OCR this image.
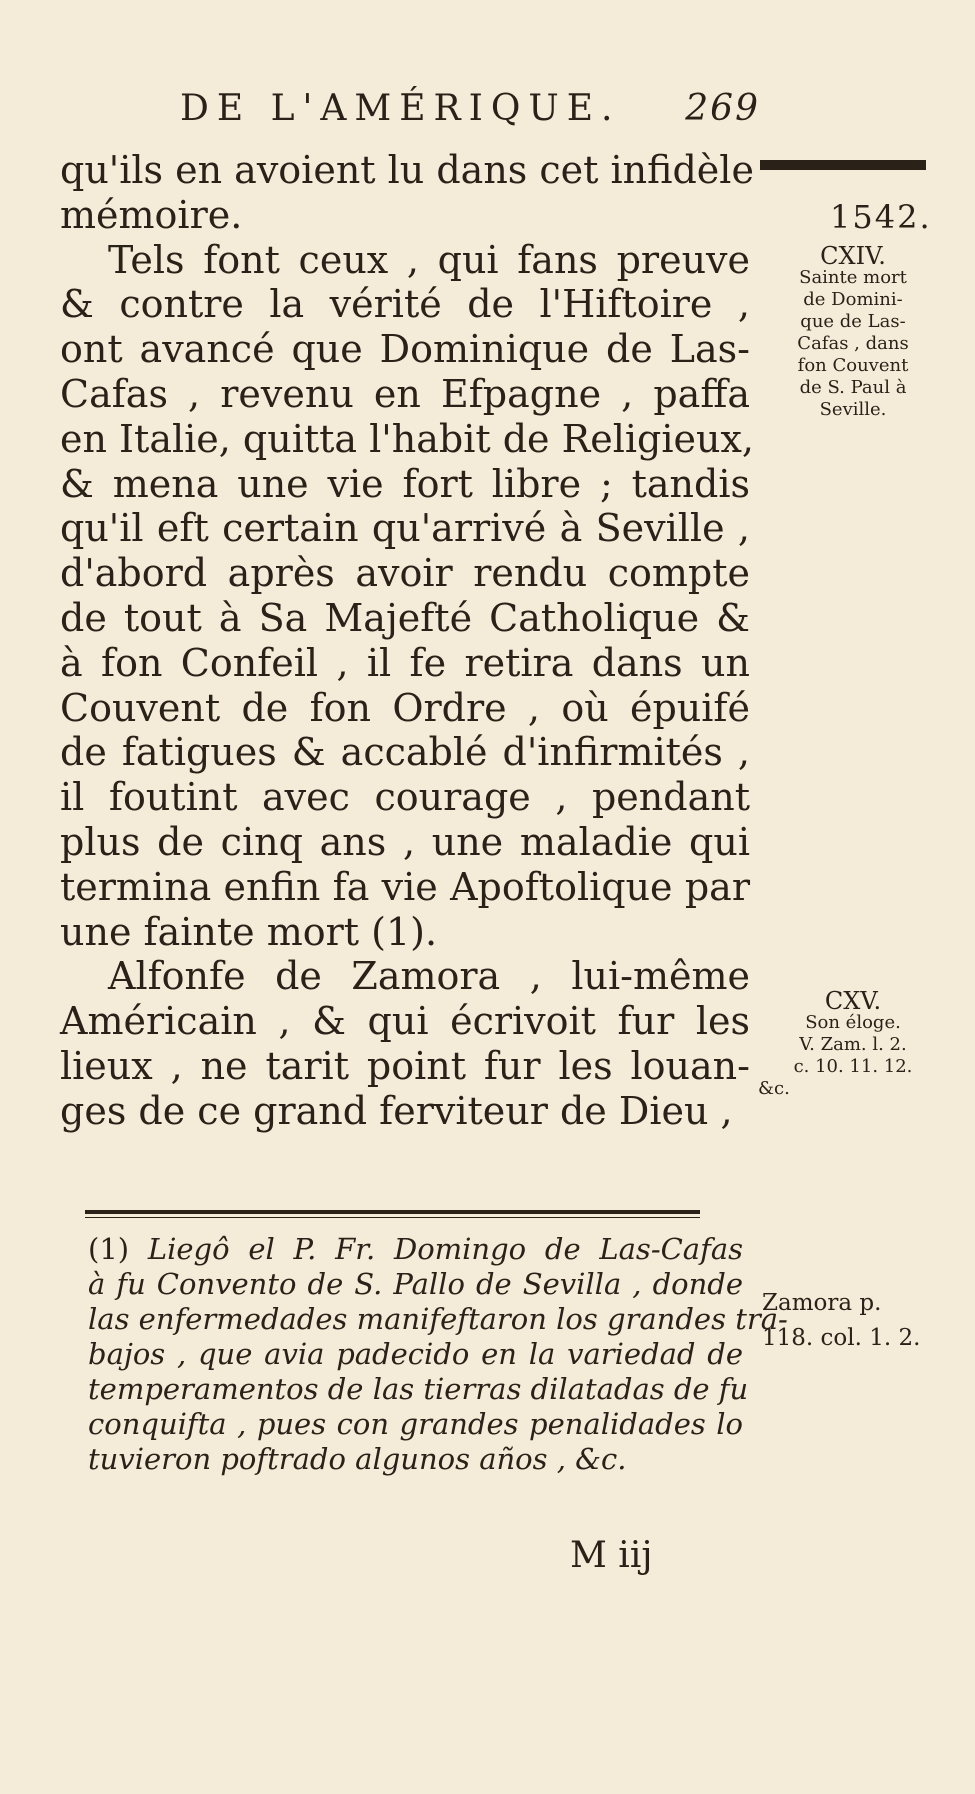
DE L'AMÉRIQUE. 269
qu'ils en avoient lu dans cet infidèle
mémoire.
Tels font ceux , qui fans preuve
& contre la vérité de l'Hiftoire ,
ont avancé que Dominique de Las-
Cafas , revenu en Efpagne , paffa
en Italie, quitta l'habit de Religieux,
& mena une vie fort libre ; tandis
qu'il eft certain qu'arrivé à Seville ,
d'abord après avoir rendu compte
de tout à Sa Majefté Catholique &
à fon Confeil , il fe retira dans un
Couvent de fon Ordre , où épuifé
de fatigues & accablé d'infirmités ,
il foutint avec courage , pendant
plus de cinq ans , une maladie qui
termina enfin fa vie Apoftolique par
une fainte mort (1).
Alfonfe de Zamora , lui-même
Américain , & qui écrivoit fur les
lieux , ne tarit point fur les louan-
ges de ce grand ferviteur de Dieu ,
1542.
CXIV.
Sainte mort
de Domini-
que de Las-
Cafas , dans
fon Couvent
de S. Paul à
Seville.
CXV.
Son éloge.
V. Zam. l. 2.
c. 10. 11. 12.
&c.
(1) Liegô el P. Fr. Domingo de Las-Cafas
à fu Convento de S. Pallo de Sevilla , donde
las enfermedades manifeftaron los grandes tra-
bajos , que avia padecido en la variedad de
temperamentos de las tierras dilatadas de fu
conquifta , pues con grandes penalidades lo
tuvieron poftrado algunos años , &c.
Zamora p.
118. col. 1. 2.
M iij
